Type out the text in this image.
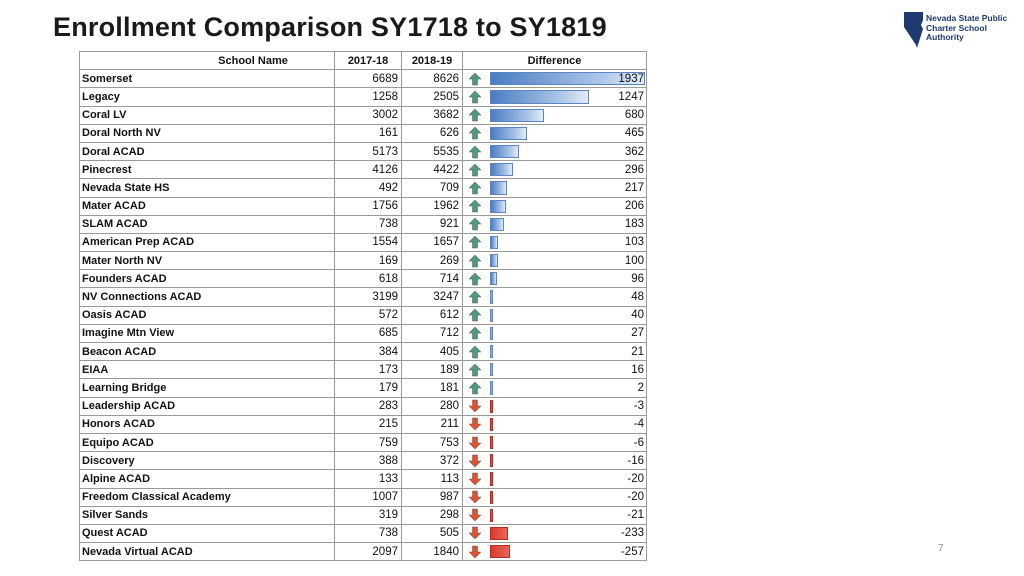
Enrollment Comparison SY1718 to SY1819	Nevada State Public
Charter School
Authority
School Name	2017-18	2018-19	Difference	
Somerset	6689	8626		1937

Legacy	1258	2505		1247

Coral LV	3002	3682		680

Doral North NV	161	626		465

Doral ACAD	5173	5535		362

Pinecrest	4126	4422		296

Nevada State HS	492	709		217

Mater ACAD	1756	1962		206

SLAM ACAD	738	921		183

American Prep ACAD	1554	1657		103

Mater North NV	169	269		100

Founders ACAD	618	714		96

NV Connections ACAD	3199	3247		48

Oasis ACAD	572	612		40

Imagine Mtn View	685	712		27

Beacon ACAD	384	405		21

EIAA	173	189		16

Learning Bridge	179	181		2

Leadership ACAD	283	280		-3

Honors ACAD	215	211		-4

Equipo ACAD	759	753		-6

Discovery	388	372		-16

Alpine ACAD	133	113		-20

Freedom Classical Academy	1007	987		-20

Silver Sands	319	298		-21

Quest ACAD	738	505		-233

Nevada Virtual ACAD	2097	1840		-257	7
